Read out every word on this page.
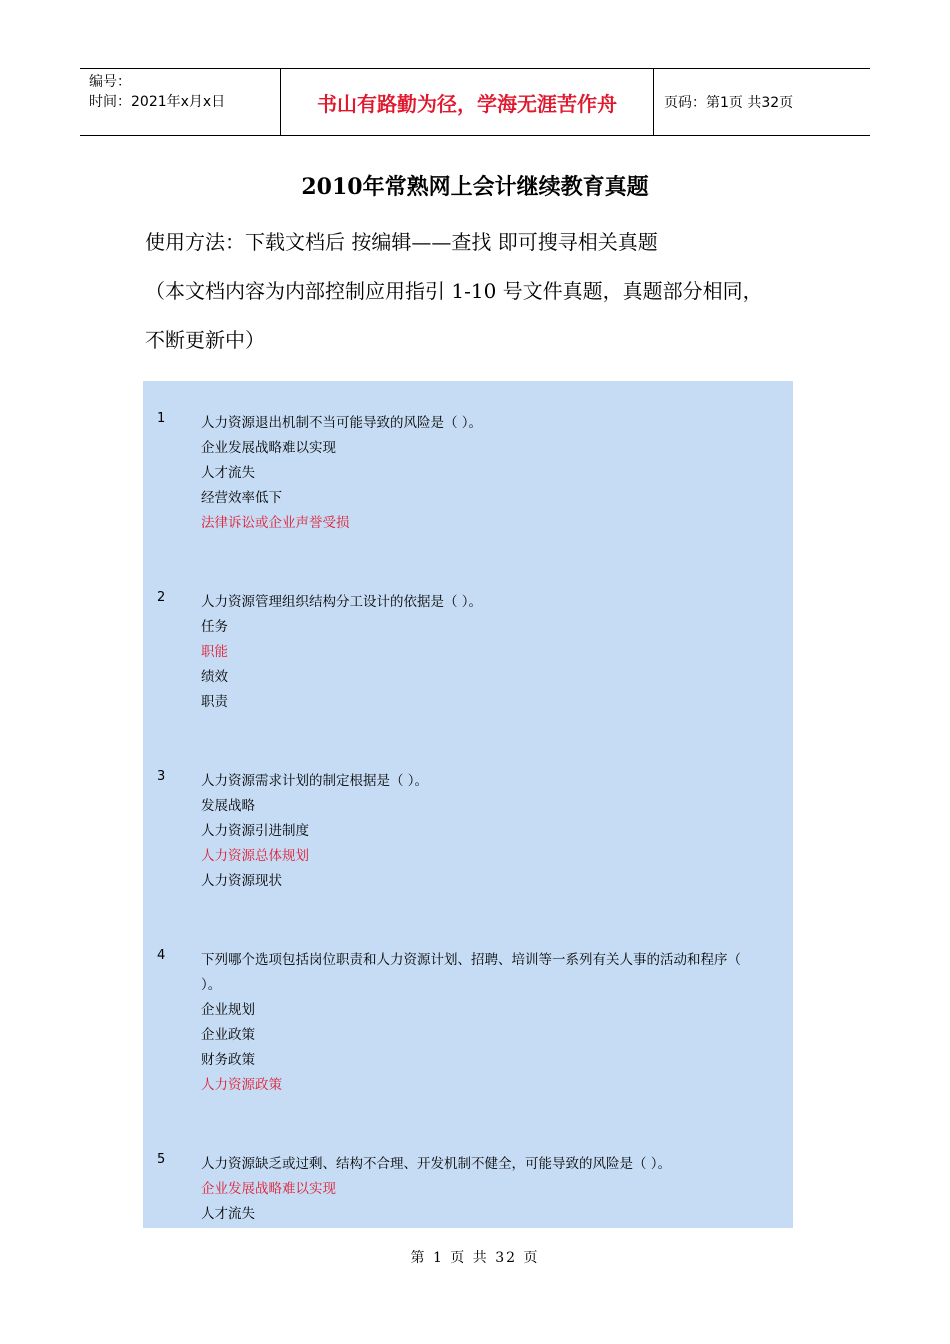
编号：
时间：2021年x月x日	书山有路勤为径，学海无涯苦作舟	页码：第1页 共32页
2010年常熟网上会计继续教育真题

使用方法：下载文档后 按编辑——查找 即可搜寻相关真题

（本文档内容为内部控制应用指引 1-10 号文件真题，真题部分相同，

不断更新中）

1	人力资源退出机制不当可能导致的风险是（ ）。
企业发展战略难以实现
人才流失
经营效率低下
法律诉讼或企业声誉受损
2	人力资源管理组织结构分工设计的依据是（ ）。
任务
职能
绩效
职责
3	人力资源需求计划的制定根据是（ ）。
发展战略
人力资源引进制度
人力资源总体规划
人力资源现状
4	下列哪个选项包括岗位职责和人力资源计划、招聘、培训等一系列有关人事的活动和程序（
）。
企业规划
企业政策
财务政策
人力资源政策
5	人力资源缺乏或过剩、结构不合理、开发机制不健全，可能导致的风险是（ ）。
企业发展战略难以实现
人才流失
第 1 页 共 32 页
